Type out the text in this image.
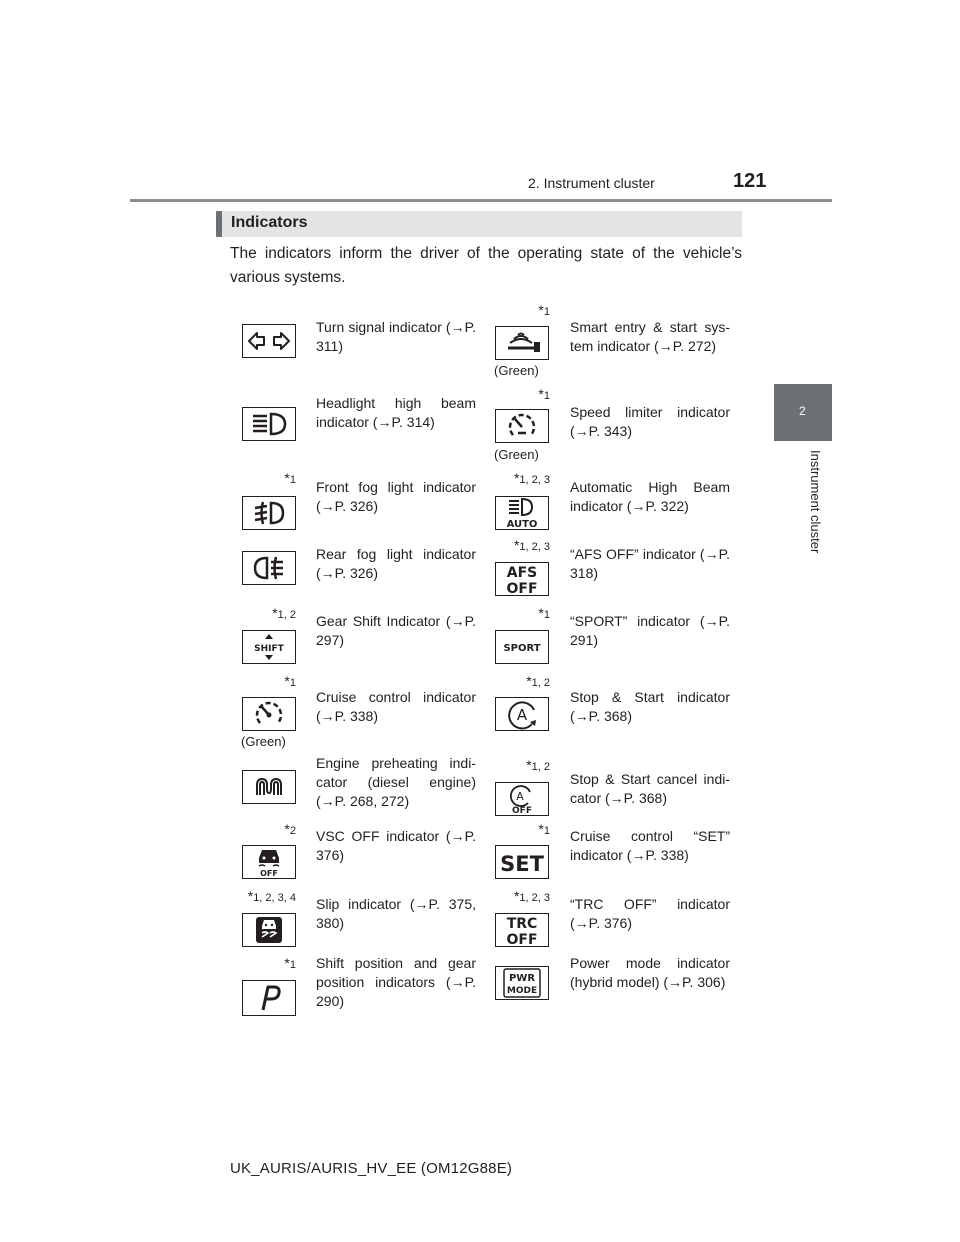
2. Instrument cluster	121
2
Instrument cluster
Indicators
The indicators inform the driver of the operating state of the vehicle’s various systems.
Turn signal indicator (→P. 311)
*1
(Green)
Smart entry & start sys-tem indicator (→P. 272)
Headlight high beam indicator (→P. 314)
*1
(Green)
Speed limiter indicator (→P. 343)
*1 Front fog light indicator (→P. 326)
*1, 2, 3
AUTO
Automatic High Beam indicator (→P. 322)
Rear fog light indicator (→P. 326)
*1, 2, 3
AFS
OFF
“AFS OFF” indicator (→P. 318)
*1, 2
SHIFT
Gear Shift Indicator (→P. 297)
*1
SPORT
“SPORT” indicator (→P. 291)
*1
(Green)
Cruise control indicator (→P. 338)
*1, 2
A
Stop & Start indicator (→P. 368)
Engine preheating indi-cator (diesel engine) (→P. 268, 272)
*1, 2
A
OFF
Stop & Start cancel indi-cator (→P. 368)
*2
OFF
VSC OFF indicator (→P. 376)
*1
SET
Cruise control “SET” indicator (→P. 338)
*1, 2, 3, 4 Slip indicator (→P. 375, 380)
*1, 2, 3
TRC
OFF
“TRC OFF” indicator (→P. 376)
*1 Shift position and gear position indicators (→P. 290)
PWR
MODE
Power mode indicator (hybrid model) (→P. 306)
UK_AURIS/AURIS_HV_EE (OM12G88E)
